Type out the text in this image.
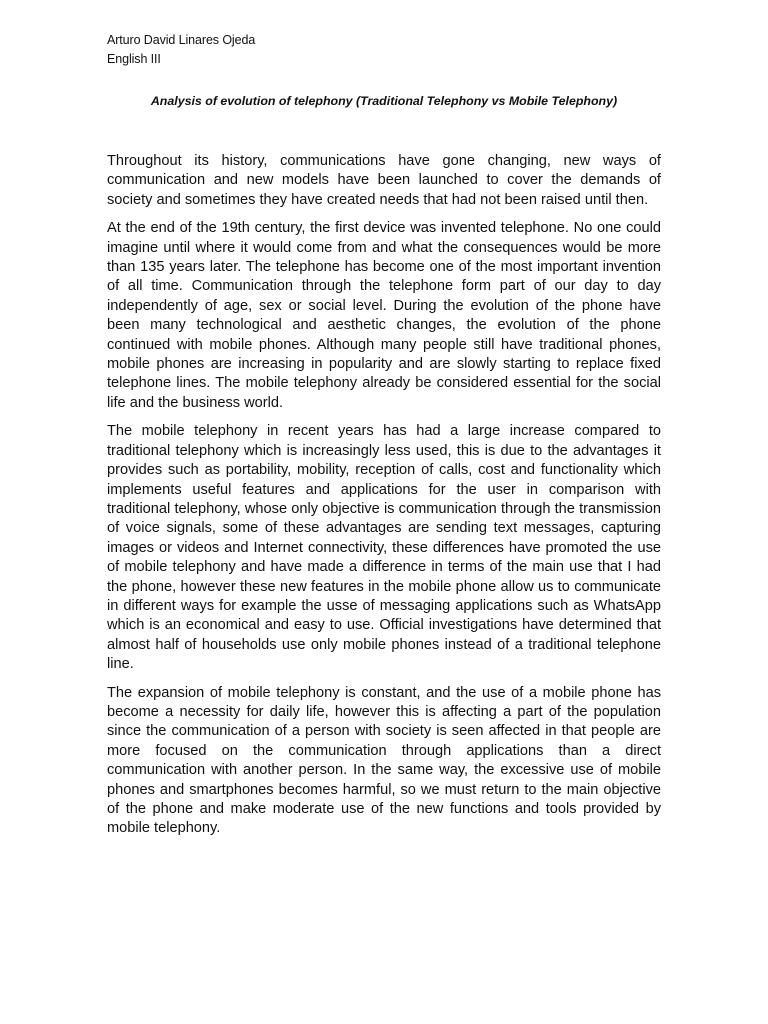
Arturo David Linares Ojeda
English III
Analysis of evolution of telephony (Traditional Telephony vs Mobile Telephony)

Throughout its history, communications have gone changing, new ways of communication and new models have been launched to cover the demands of society and sometimes they have created needs that had not been raised until then.

At the end of the 19th century, the first device was invented telephone. No one could imagine until where it would come from and what the consequences would be more than 135 years later. The telephone has become one of the most important invention of all time. Communication through the telephone form part of our day to day independently of age, sex or social level. During the evolution of the phone have been many technological and aesthetic changes, the evolution of the phone continued with mobile phones. Although many people still have traditional phones, mobile phones are increasing in popularity and are slowly starting to replace fixed telephone lines. The mobile telephony already be considered essential for the social life and the business world.

The mobile telephony in recent years has had a large increase compared to traditional telephony which is increasingly less used, this is due to the advantages it provides such as portability, mobility, reception of calls, cost and functionality which implements useful features and applications for the user in comparison with traditional telephony, whose only objective is communication through the transmission of voice signals, some of these advantages are sending text messages, capturing images or videos and Internet connectivity, these differences have promoted the use of mobile telephony and have made a difference in terms of the main use that I had the phone, however these new features in the mobile phone allow us to communicate in different ways for example the usse of messaging applications such as WhatsApp which is an economical and easy to use. Official investigations have determined that almost half of households use only mobile phones instead of a traditional telephone line.

The expansion of mobile telephony is constant, and the use of a mobile phone has become a necessity for daily life, however this is affecting a part of the population since the communication of a person with society is seen affected in that people are more focused on the communication through applications than a direct communication with another person. In the same way, the excessive use of mobile phones and smartphones becomes harmful, so we must return to the main objective of the phone and make moderate use of the new functions and tools provided by mobile telephony.
